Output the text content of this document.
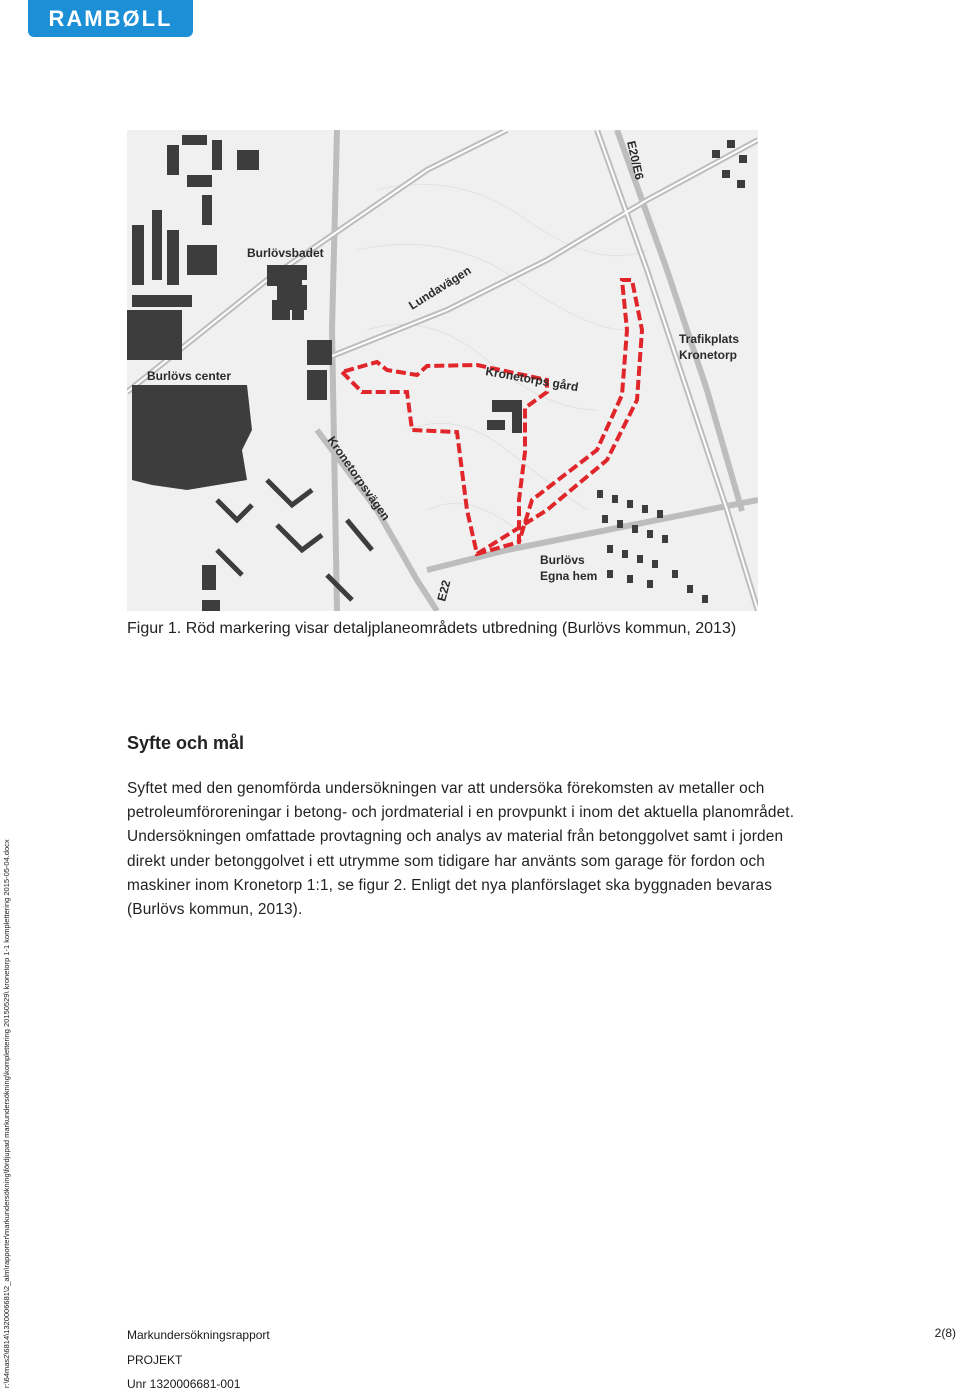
RAMBØLL
r:\64mas2\6814\1320006681\2_alm\rapporter\markundersökning\fördjupad markundersökning\komplettering 20150529\ kronetorp 1-1 komplettering 2015-05-04.docx
Burlövsbadet
Burlövs center
Trafikplats
Kronetorp
Burlövs
Egna hem
Kronetorps gård
Lundavägen
E20/E6
Kronetorpsvägen
E22
Figur 1. Röd markering visar detaljplaneområdets utbredning (Burlövs kommun, 2013)
Syfte och mål
Syftet med den genomförda undersökningen var att undersöka förekomsten av metaller och petroleumföroreningar i betong- och jordmaterial i en provpunkt i inom det aktuella planområdet. Undersökningen omfattade provtagning och analys av material från betonggolvet samt i jorden direkt under betonggolvet i ett utrymme som tidigare har använts som garage för fordon och maskiner inom Kronetorp 1:1, se figur 2. Enligt det nya planförslaget ska byggnaden bevaras (Burlövs kommun, 2013).
Markundersökningsrapport	2(8)
PROJEKT
Unr 1320006681-001
